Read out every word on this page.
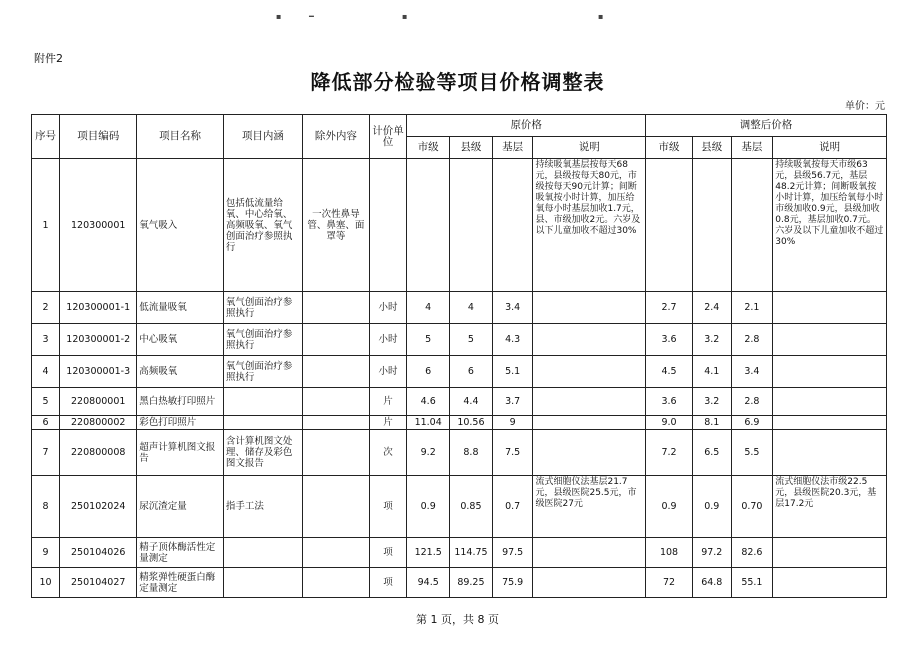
▪	━	▪	▪
附件2
降低部分检验等项目价格调整表
单价：元
序号	项目编码	项目名称	项目内涵	除外内容	计价单位	原价格				调整后价格			
						市级	县级	基层	说明	市级	县级	基层	说明
1	120300001	氧气吸入	包括低流量给氧、中心给氧、高频吸氧、氧气创面治疗参照执行	一次性鼻导管、鼻塞、面罩等					持续吸氧基层按每天68元，县级按每天80元，市级按每天90元计算；间断吸氧按小时计算，加压给氧每小时基层加收1.7元，县、市级加收2元。六岁及以下儿童加收不超过30%				持续吸氧按每天市级63元，县级56.7元，基层48.2元计算；间断吸氧按小时计算，加压给氧每小时市级加收0.9元，县级加收0.8元，基层加收0.7元。六岁及以下儿童加收不超过30%
2	120300001-1	低流量吸氧	氧气创面治疗参照执行		小时	4	4	3.4		2.7	2.4	2.1	
3	120300001-2	中心吸氧	氧气创面治疗参照执行		小时	5	5	4.3		3.6	3.2	2.8	
4	120300001-3	高频吸氧	氧气创面治疗参照执行		小时	6	6	5.1		4.5	4.1	3.4	
5	220800001	黑白热敏打印照片			片	4.6	4.4	3.7		3.6	3.2	2.8	
6	220800002	彩色打印照片			片	11.04	10.56	9		9.0	8.1	6.9	
7	220800008	超声计算机图文报告	含计算机图文处理、储存及彩色图文报告		次	9.2	8.8	7.5		7.2	6.5	5.5	
8	250102024	尿沉渣定量	指手工法		项	0.9	0.85	0.7	流式细胞仪法基层21.7元，县级医院25.5元，市级医院27元	0.9	0.9	0.70	流式细胞仪法市级22.5元，县级医院20.3元，基层17.2元
9	250104026	精子顶体酶活性定量测定			项	121.5	114.75	97.5		108	97.2	82.6	
10	250104027	精浆弹性硬蛋白酶定量测定			项	94.5	89.25	75.9		72	64.8	55.1	
第 1 页，共 8 页
